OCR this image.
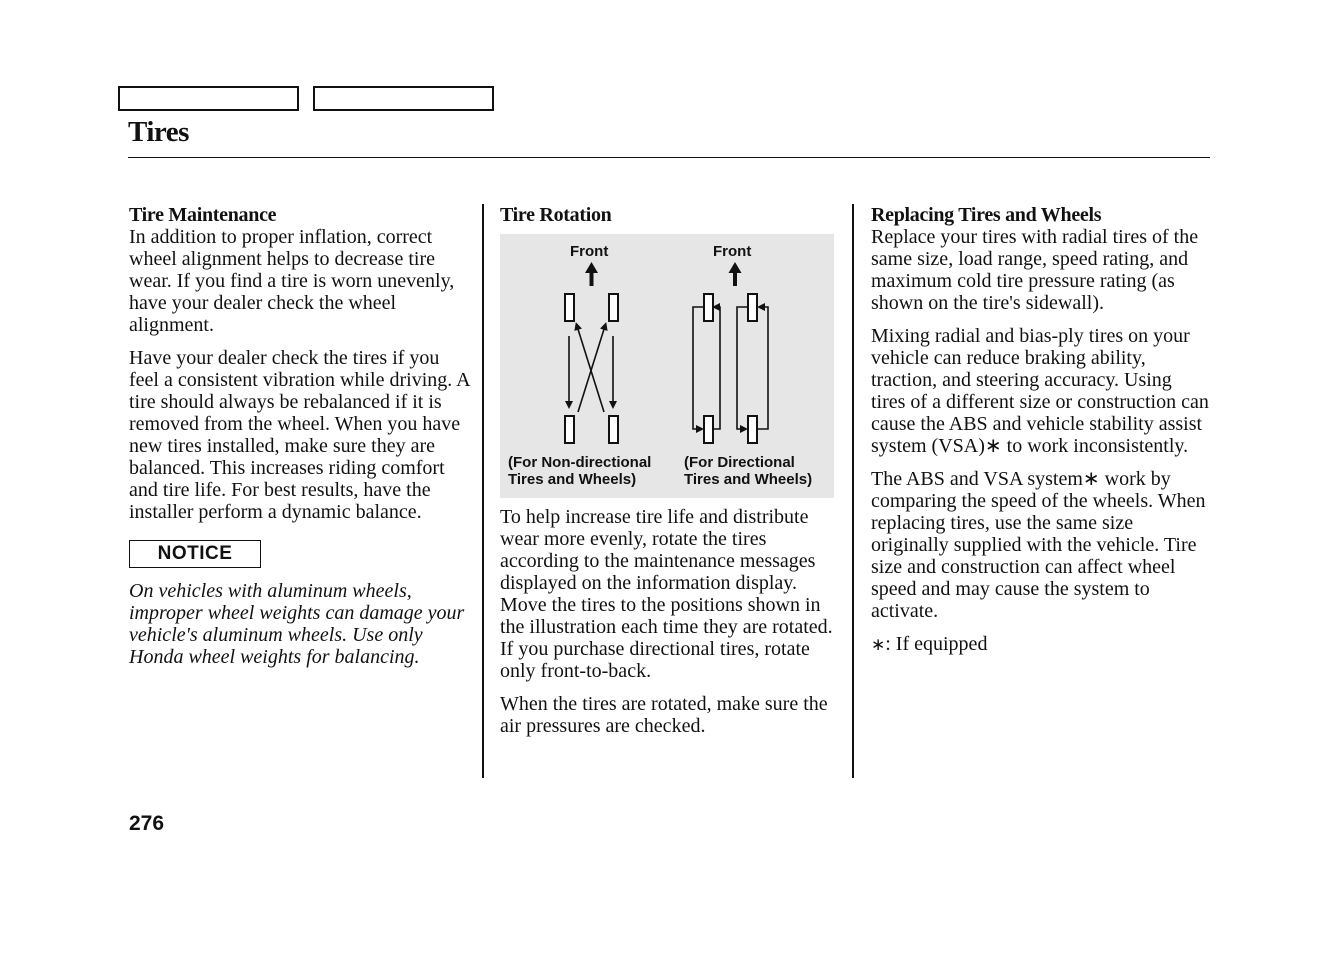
Tires
Tire Maintenance

In addition to proper inflation, correct wheel alignment helps to decrease tire wear. If you find a tire is worn unevenly, have your dealer check the wheel alignment.

Have your dealer check the tires if you feel a consistent vibration while driving. A tire should always be rebalanced if it is removed from the wheel. When you have new tires installed, make sure they are balanced. This increases riding comfort and tire life. For best results, have the installer perform a dynamic balance.

NOTICE

On vehicles with aluminum wheels, improper wheel weights can damage your vehicle's aluminum wheels. Use only Honda wheel weights for balancing.

Tire Rotation
Front	Front
(For Non-directional
Tires and Wheels)
(For Directional
Tires and Wheels)

To help increase tire life and distribute wear more evenly, rotate the tires according to the maintenance messages displayed on the information display. Move the tires to the positions shown in the illustration each time they are rotated. If you purchase directional tires, rotate only front-to-back.

When the tires are rotated, make sure the air pressures are checked.

Replacing Tires and Wheels

Replace your tires with radial tires of the same size, load range, speed rating, and maximum cold tire pressure rating (as shown on the tire's sidewall).

Mixing radial and bias-ply tires on your vehicle can reduce braking ability, traction, and steering accuracy. Using tires of a different size or construction can cause the ABS and vehicle stability assist system (VSA)∗ to work inconsistently.

The ABS and VSA system∗ work by comparing the speed of the wheels. When replacing tires, use the same size originally supplied with the vehicle. Tire size and construction can affect wheel speed and may cause the system to activate.

∗: If equipped

276
